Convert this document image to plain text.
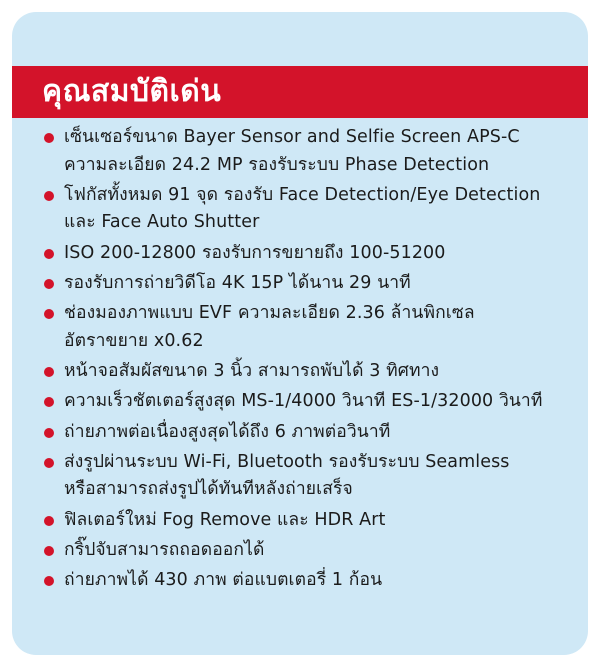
คุณสมบัติเด่น
เซ็นเซอร์ขนาด Bayer Sensor and Selfie Screen APS-C
ความละเอียด 24.2 MP รองรับระบบ Phase Detection
โฟกัสทั้งหมด 91 จุด รองรับ Face Detection/Eye Detection
และ Face Auto Shutter
ISO 200-12800 รองรับการขยายถึง 100-51200
รองรับการถ่ายวิดีโอ 4K 15P ได้นาน 29 นาที
ช่องมองภาพแบบ EVF ความละเอียด 2.36 ล้านพิกเซล
อัตราขยาย x0.62
หน้าจอสัมผัสขนาด 3 นิ้ว สามารถพับได้ 3 ทิศทาง
ความเร็วชัตเตอร์สูงสุด MS-1/4000 วินาที ES-1/32000 วินาที
ถ่ายภาพต่อเนื่องสูงสุดได้ถึง 6 ภาพต่อวินาที
ส่งรูปผ่านระบบ Wi-Fi, Bluetooth รองรับระบบ Seamless
หรือสามารถส่งรูปได้ทันทีหลังถ่ายเสร็จ
ฟิลเตอร์ใหม่ Fog Remove และ HDR Art
กริ๊ปจับสามารถถอดออกได้
ถ่ายภาพได้ 430 ภาพ ต่อแบตเตอรี่ 1 ก้อน
